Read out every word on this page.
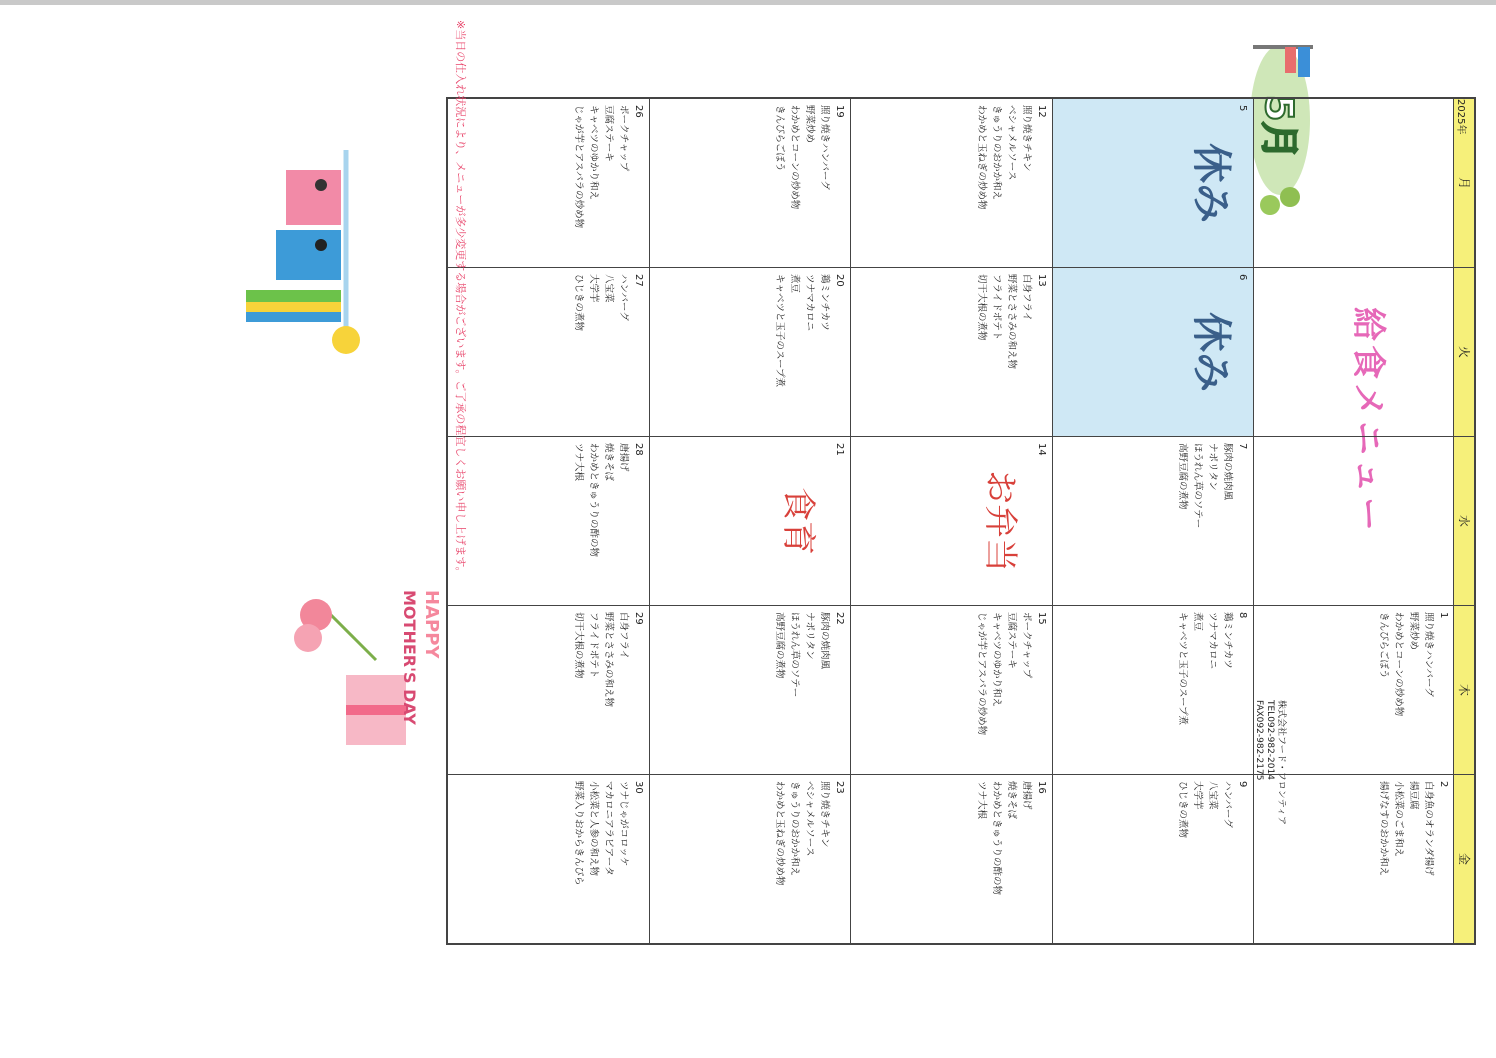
5月
給食メニュー
株式会社フード・フロンティア
TEL092-982-2014
FAX092-982-2175
月
火
水
木
金
2025年
1
照り焼きハンバーグ
野菜炒め
わかめとコーンの炒め物
きんぴらごぼう
2
白身魚のオランダ揚げ
揚豆腐
小松菜のごま和え
揚げなすのおかか和え
5
休み
6
休み
7
豚肉の焼肉風
ナポリタン
ほうれん草のソテー
高野豆腐の煮物
8
鶏ミンチカツ
ツナマカロニ
煮豆
キャベツと玉子のスープ煮
9
ハンバーグ
八宝菜
大学芋
ひじきの煮物
12
照り焼きチキン
ベシャメルソース
きゅうりのおかか和え
わかめと玉ねぎの炒め物
13
白身フライ
野菜とささみの和え物
フライドポテト
切干大根の煮物
14
お弁当
15
ポークチャップ
豆腐ステーキ
キャベツのゆかり和え
じゃが芋とアスパラの炒め物
16
唐揚げ
焼きそば
わかめときゅうりの酢の物
ツナ大根
19
照り焼きハンバーグ
野菜炒め
わかめとコーンの炒め物
きんぴらごぼう
20
鶏ミンチカツ
ツナマカロニ
煮豆
キャベツと玉子のスープ煮
21
食育
22
豚肉の焼肉風
ナポリタン
ほうれん草のソテー
高野豆腐の煮物
23
照り焼きチキン
ベシャメルソース
きゅうりのおかか和え
わかめと玉ねぎの炒め物
26
ポークチャップ
豆腐ステーキ
キャベツのゆかり和え
じゃが芋とアスパラの炒め物
27
ハンバーグ
八宝菜
大学芋
ひじきの煮物
28
唐揚げ
焼きそば
わかめときゅうりの酢の物
ツナ大根
29
白身フライ
野菜とささみの和え物
フライドポテト
切干大根の煮物
30
ツナじゃがコロッケ
マカロニアラビアータ
小松菜と人参の和え物
野菜入りおからきんぴら
※当日の仕入れ状況により、メニューが多少変更する場合がございます。ご了承の程宜しくお願い申し上げます。
HAPPY
MOTHER'S DAY
